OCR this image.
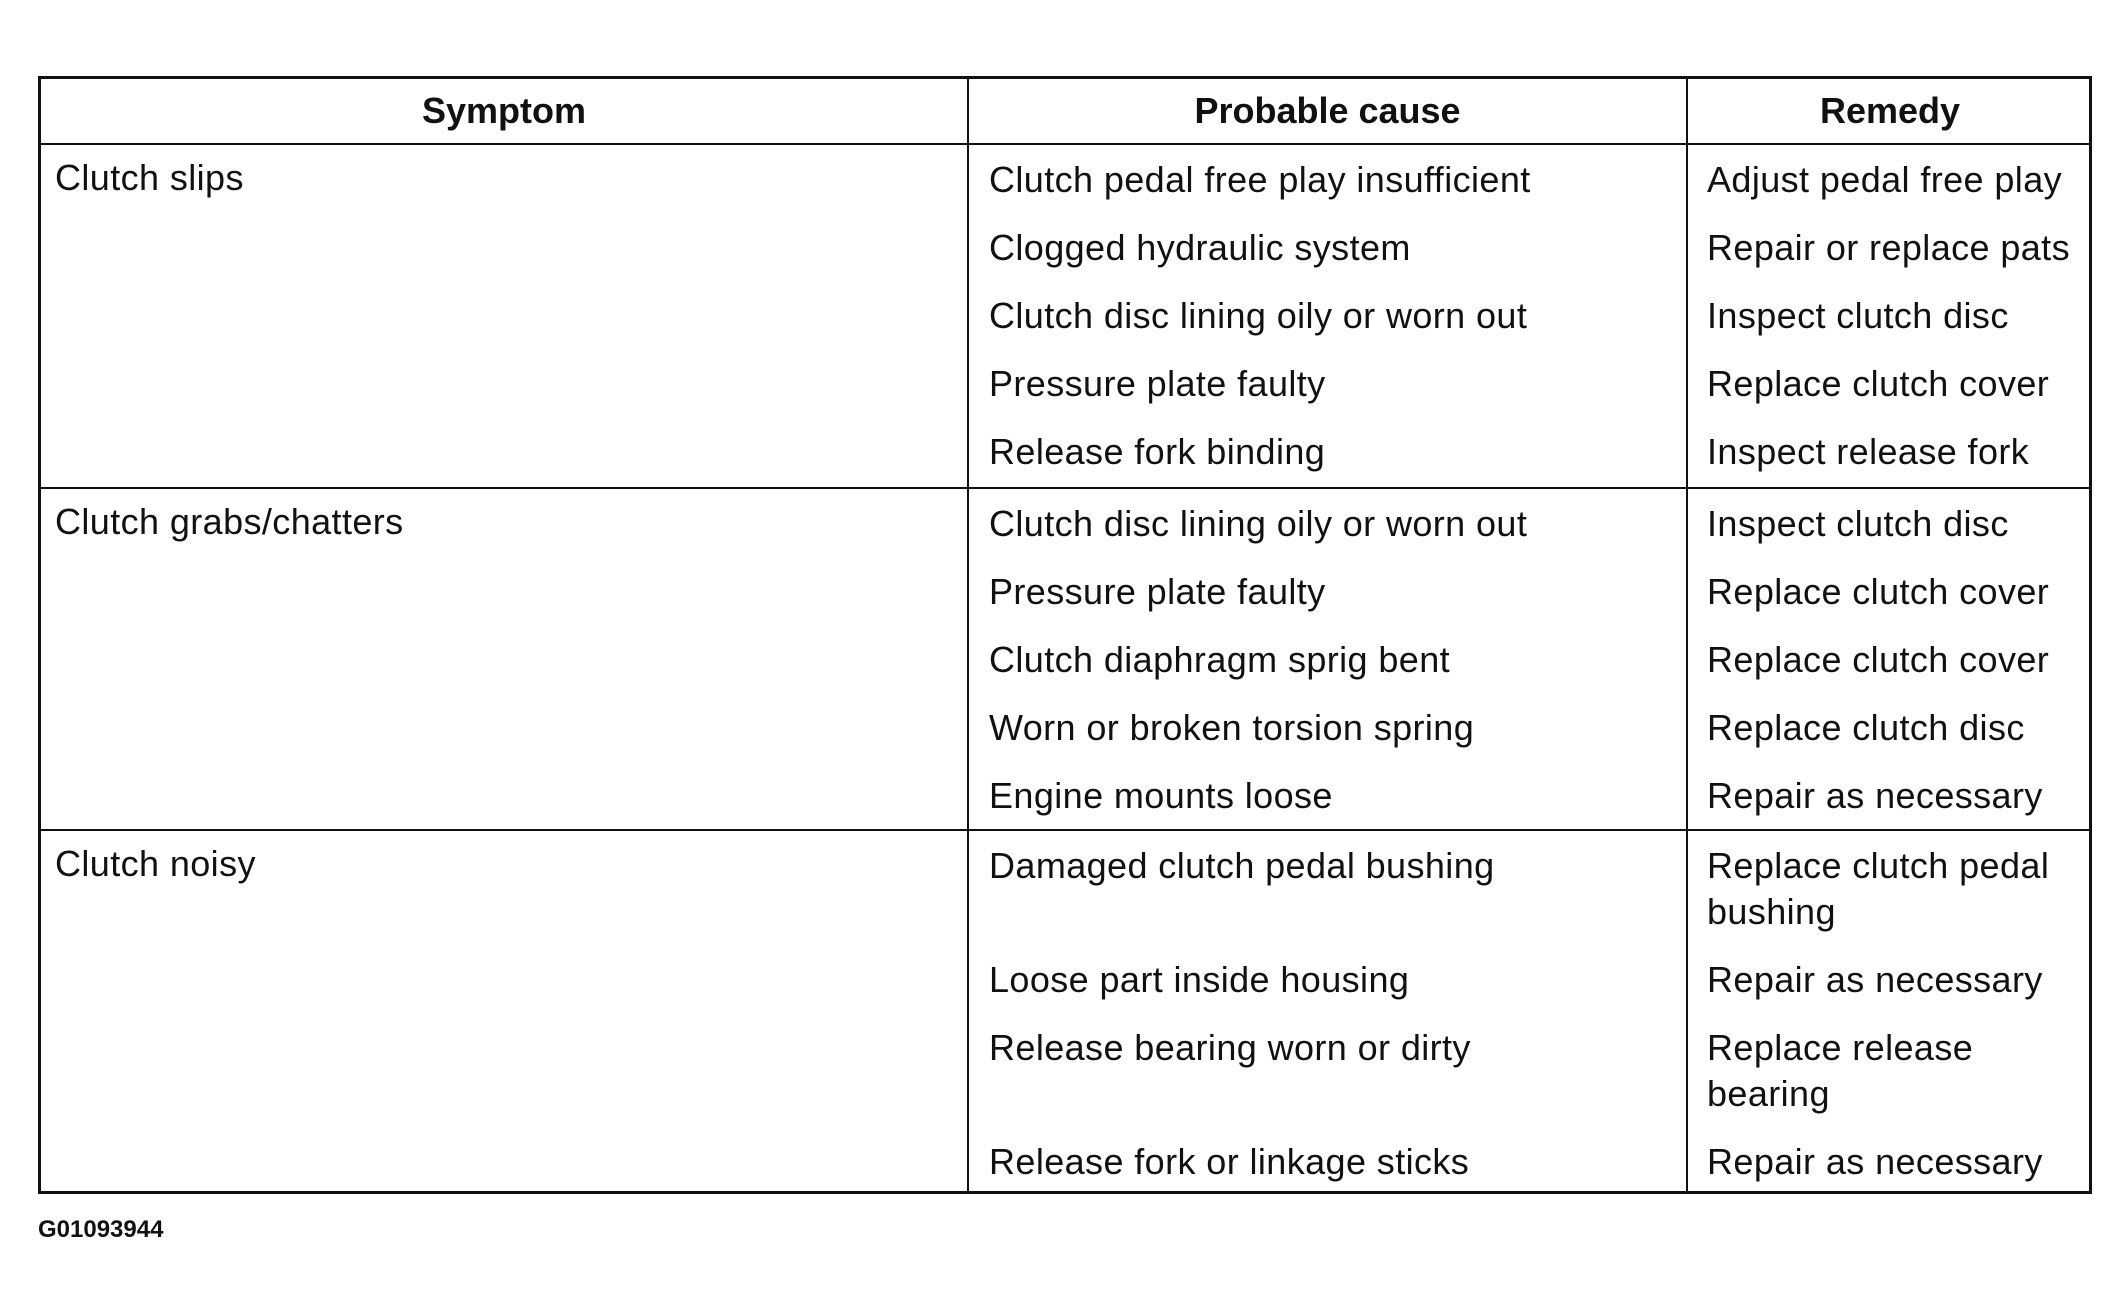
Symptom	Probable cause	Remedy
Clutch slips	Clutch pedal free play insufficient	Adjust pedal free play
Clogged hydraulic system	Repair or replace pats
Clutch disc lining oily or worn out	Inspect clutch disc
Pressure plate faulty	Replace clutch cover
Release fork binding	Inspect release fork
Clutch grabs/chatters	Clutch disc lining oily or worn out	Inspect clutch disc
Pressure plate faulty	Replace clutch cover
Clutch diaphragm sprig bent	Replace clutch cover
Worn or broken torsion spring	Replace clutch disc
Engine mounts loose	Repair as necessary
Clutch noisy	Damaged clutch pedal bushing	Replace clutch pedal bushing
Loose part inside housing	Repair as necessary
Release bearing worn or dirty	Replace release bearing
Release fork or linkage sticks	Repair as necessary
G01093944
